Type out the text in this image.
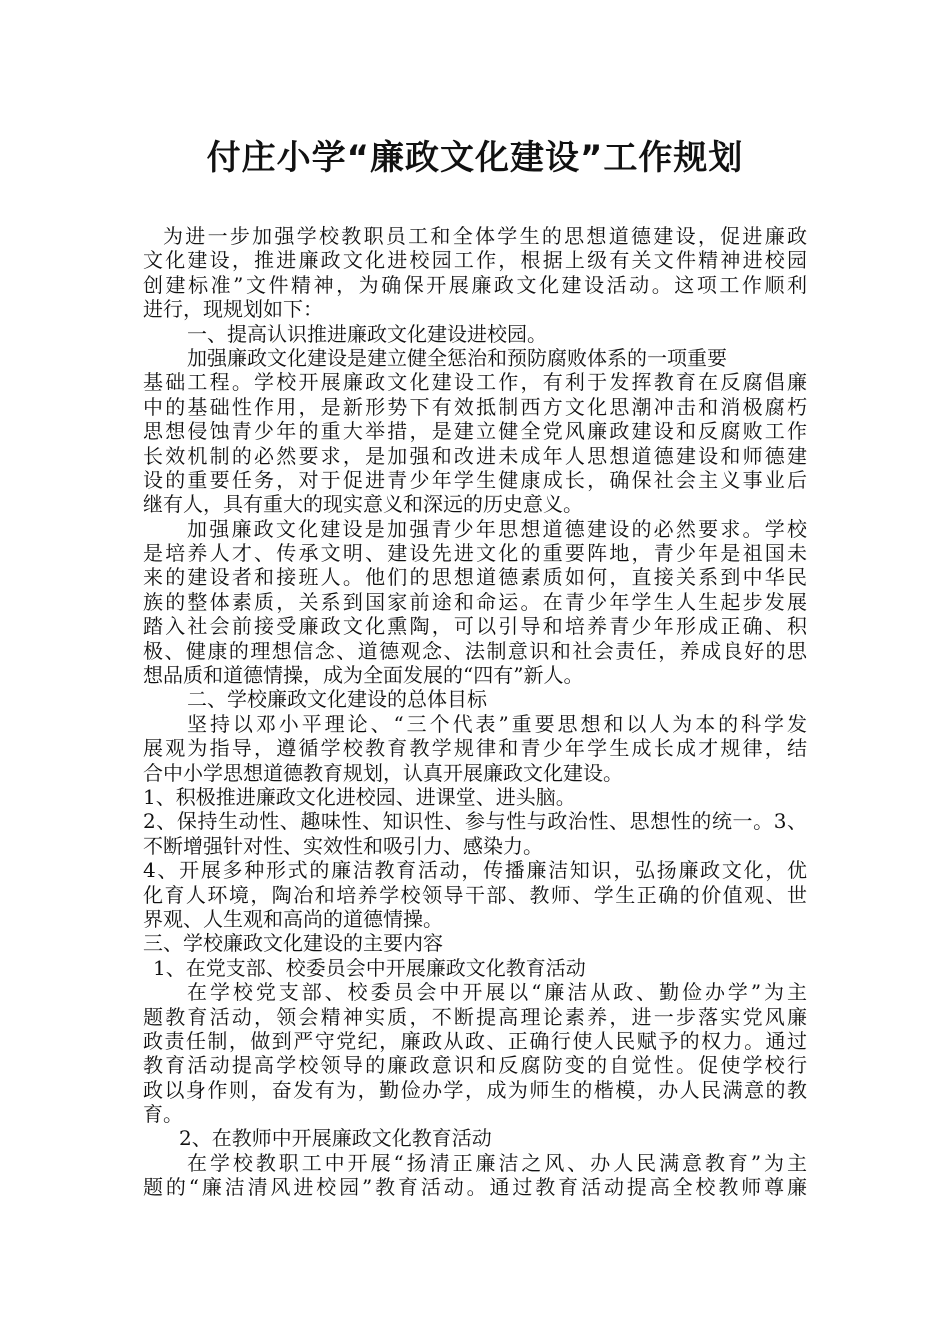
付庄小学“廉政文化建设”工作规划
为进一步加强学校教职员工和全体学生的思想道德建设，促进廉政
文化建设，推进廉政文化进校园工作，根据上级有关文件精神进校园
创建标准”文件精神，为确保开展廉政文化建设活动。这项工作顺利
进行，现规划如下：
一、提高认识推进廉政文化建设进校园。
加强廉政文化建设是建立健全惩治和预防腐败体系的一项重要
基础工程。学校开展廉政文化建设工作，有利于发挥教育在反腐倡廉
中的基础性作用，是新形势下有效抵制西方文化思潮冲击和消极腐朽
思想侵蚀青少年的重大举措，是建立健全党风廉政建设和反腐败工作
长效机制的必然要求，是加强和改进未成年人思想道德建设和师德建
设的重要任务，对于促进青少年学生健康成长，确保社会主义事业后
继有人，具有重大的现实意义和深远的历史意义。
加强廉政文化建设是加强青少年思想道德建设的必然要求。学校
是培养人才、传承文明、建设先进文化的重要阵地，青少年是祖国未
来的建设者和接班人。他们的思想道德素质如何，直接关系到中华民
族的整体素质，关系到国家前途和命运。在青少年学生人生起步发展
踏入社会前接受廉政文化熏陶，可以引导和培养青少年形成正确、积
极、健康的理想信念、道德观念、法制意识和社会责任，养成良好的思
想品质和道德情操，成为全面发展的“四有”新人。
二、学校廉政文化建设的总体目标
坚持以邓小平理论、“三个代表”重要思想和以人为本的科学发
展观为指导，遵循学校教育教学规律和青少年学生成长成才规律，结
合中小学思想道德教育规划，认真开展廉政文化建设。
1、积极推进廉政文化进校园、进课堂、进头脑。
2、保持生动性、趣味性、知识性、参与性与政治性、思想性的统一。3、
不断增强针对性、实效性和吸引力、感染力。
4、开展多种形式的廉洁教育活动，传播廉洁知识，弘扬廉政文化，优
化育人环境，陶冶和培养学校领导干部、教师、学生正确的价值观、世
界观、人生观和高尚的道德情操。
三、学校廉政文化建设的主要内容
1、在党支部、校委员会中开展廉政文化教育活动
在学校党支部、校委员会中开展以“廉洁从政、勤俭办学”为主
题教育活动，领会精神实质，不断提高理论素养，进一步落实党风廉
政责任制，做到严守党纪，廉政从政、正确行使人民赋予的权力。通过
教育活动提高学校领导的廉政意识和反腐防变的自觉性。促使学校行
政以身作则，奋发有为，勤俭办学，成为师生的楷模，办人民满意的教
育。
2、在教师中开展廉政文化教育活动
在学校教职工中开展“扬清正廉洁之风、办人民满意教育”为主
题的“廉洁清风进校园”教育活动。通过教育活动提高全校教师尊廉
